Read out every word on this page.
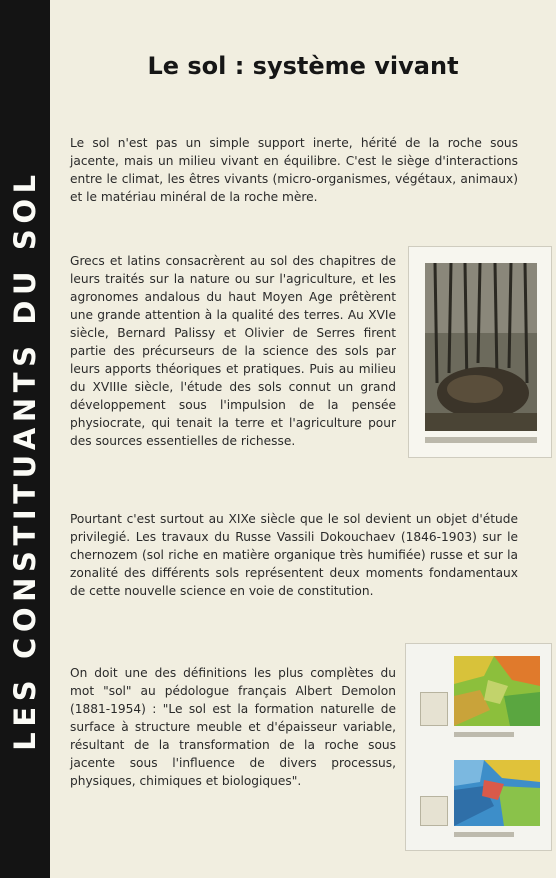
LES CONSTITUANTS DU SOL
Le sol : système vivant

Le sol n'est pas un simple support inerte, hérité de la roche sous jacente, mais un milieu vivant en équilibre. C'est le siège d'interactions entre le climat, les êtres vivants (micro-organismes, végétaux, animaux) et le matériau minéral de la roche mère.

Grecs et latins consacrèrent au sol des chapitres de leurs traités sur la nature ou sur l'agriculture, et les agronomes andalous du haut Moyen Age prêtèrent une grande attention à la qualité des terres. Au XVIe siècle, Bernard Palissy et Olivier de Serres firent partie des précurseurs de la science des sols par leurs apports théoriques et pratiques. Puis au milieu du XVIIIe siècle, l'étude des sols connut un grand développement sous l'impulsion de la pensée physiocrate, qui tenait la terre et l'agriculture pour des sources essentielles de richesse.

Pourtant c'est surtout au XIXe siècle que le sol devient un objet d'étude privilegié. Les travaux du Russe Vassili Dokouchaev (1846-1903) sur le chernozem (sol riche en matière organique très humifiée) russe et sur la zonalité des différents sols représentent deux moments fondamentaux de cette nouvelle science en voie de constitution.

On doit une des définitions les plus complètes du mot "sol" au pédologue français Albert Demolon (1881-1954) : "Le sol est la formation naturelle de surface à structure meuble et d'épaisseur variable, résultant de la transformation de la roche sous jacente sous l'influence de divers processus, physiques, chimiques et biologiques".
